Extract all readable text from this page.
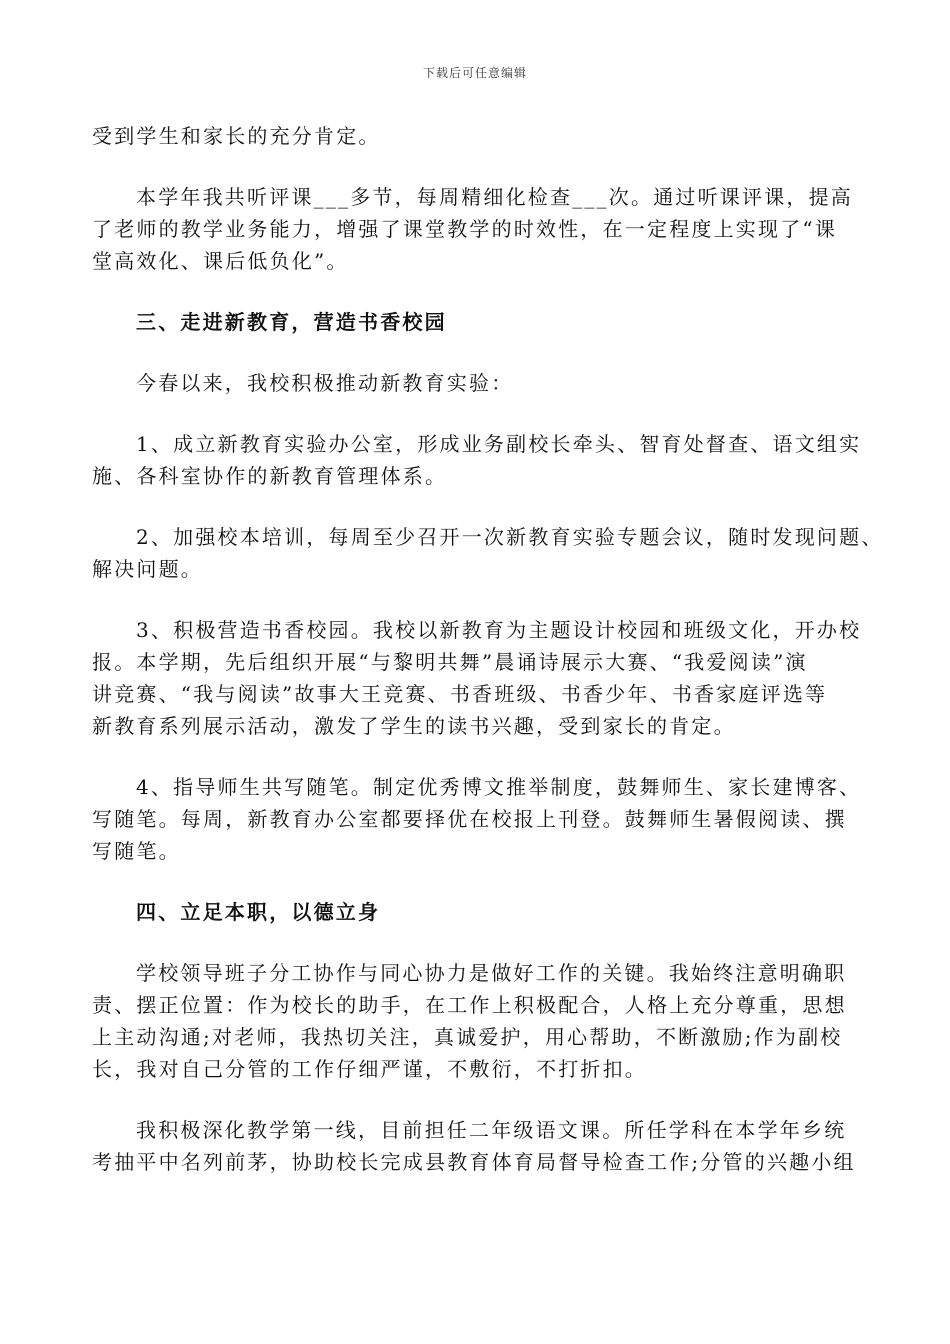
下载后可任意编辑
受到学生和家长的充分肯定。
本学年我共听评课___多节，每周精细化检查___次。通过听课评课，提高
了老师的教学业务能力，增强了课堂教学的时效性，在一定程度上实现了“课
堂高效化、课后低负化”。
三、走进新教育，营造书香校园
今春以来，我校积极推动新教育实验：
1、成立新教育实验办公室，形成业务副校长牵头、智育处督查、语文组实
施、各科室协作的新教育管理体系。
2、加强校本培训，每周至少召开一次新教育实验专题会议，随时发现问题、
解决问题。
3、积极营造书香校园。我校以新教育为主题设计校园和班级文化，开办校
报。本学期，先后组织开展“与黎明共舞”晨诵诗展示大赛、“我爱阅读”演
讲竞赛、“我与阅读”故事大王竞赛、书香班级、书香少年、书香家庭评选等
新教育系列展示活动，激发了学生的读书兴趣，受到家长的肯定。
4、指导师生共写随笔。制定优秀博文推举制度，鼓舞师生、家长建博客、
写随笔。每周，新教育办公室都要择优在校报上刊登。鼓舞师生暑假阅读、撰
写随笔。
四、立足本职，以德立身
学校领导班子分工协作与同心协力是做好工作的关键。我始终注意明确职
责、摆正位置：作为校长的助手，在工作上积极配合，人格上充分尊重，思想
上主动沟通;对老师，我热切关注，真诚爱护，用心帮助，不断激励;作为副校
长，我对自己分管的工作仔细严谨，不敷衍，不打折扣。
我积极深化教学第一线，目前担任二年级语文课。所任学科在本学年乡统
考抽平中名列前茅，协助校长完成县教育体育局督导检查工作;分管的兴趣小组
